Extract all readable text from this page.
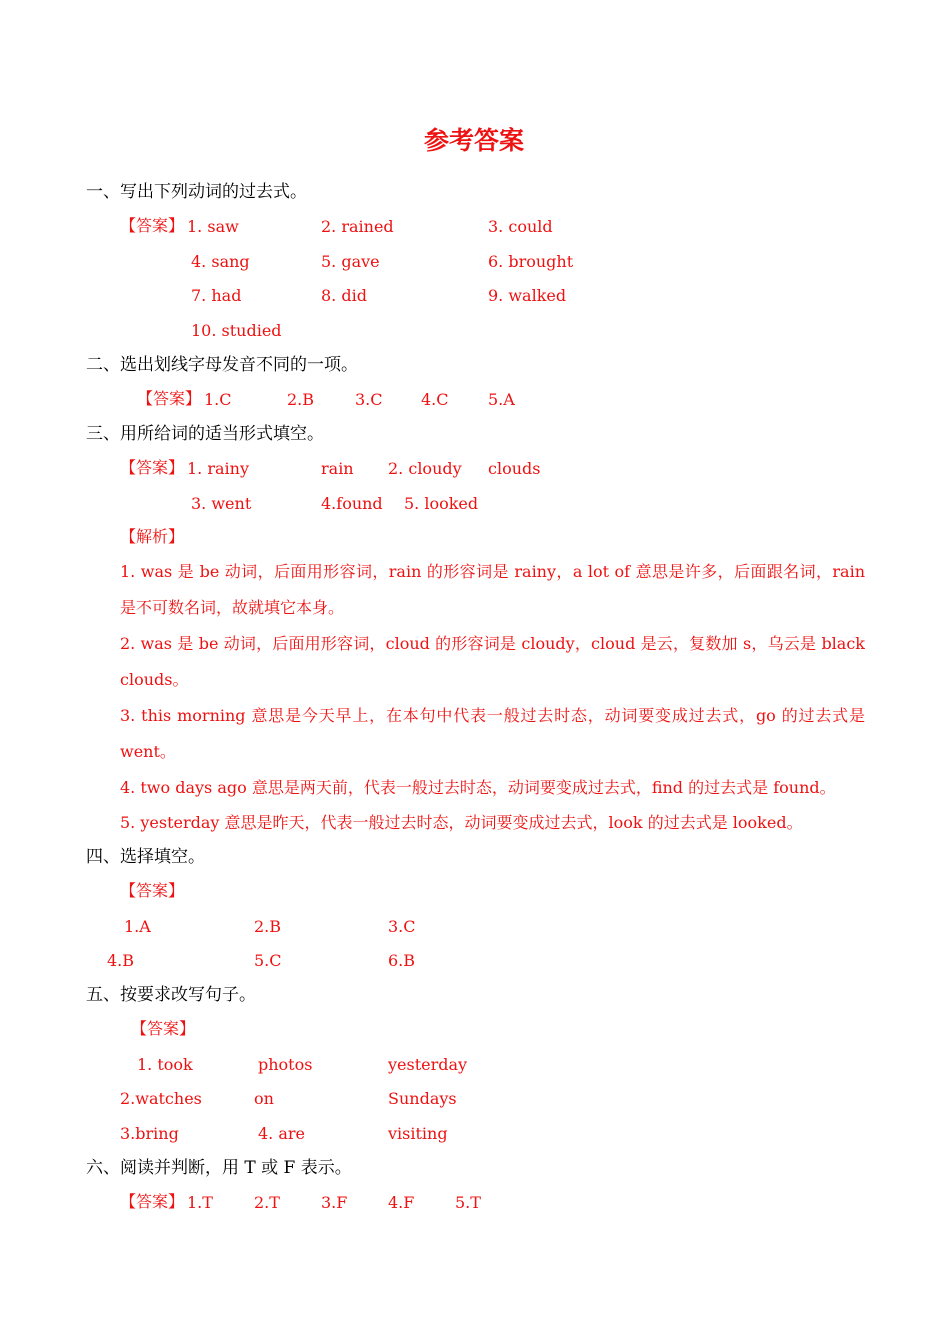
参考答案
一、写出下列动词的过去式。
【答案】 1. saw	2. rained	3. could
4. sang	5. gave	6. brought
7. had	8. did	9. walked
10. studied
二、选出划线字母发音不同的一项。
【答案】 1.C	2.B	3.C 4.C 5.A
三、用所给词的适当形式填空。
【答案】 1. rainy	rain 2. cloudy clouds
3. went	4.found 5. looked
【解析】
1. was 是 be 动词，后面用形容词，rain 的形容词是 rainy，a lot of 意思是许多，后面跟名词，rain 是不可数名词，故就填它本身。
2. was 是 be 动词，后面用形容词，cloud 的形容词是 cloudy，cloud 是云，复数加 s，乌云是 black clouds。
3. this morning 意思是今天早上，在本句中代表一般过去时态，动词要变成过去式，go 的过去式是 went。
4. two days ago 意思是两天前，代表一般过去时态，动词要变成过去式，find 的过去式是 found。
5. yesterday 意思是昨天，代表一般过去时态，动词要变成过去式，look 的过去式是 looked。
四、选择填空。
【答案】
1.A	2.B	3.C
4.B	5.C	6.B
五、按要求改写句子。
【答案】
1. took	photos	yesterday
2.watches	on	Sundays
3.bring	4. are	visiting
六、阅读并判断，用 T 或 F 表示。
【答案】 1.T	2.T	3.F	4.F	5.T
